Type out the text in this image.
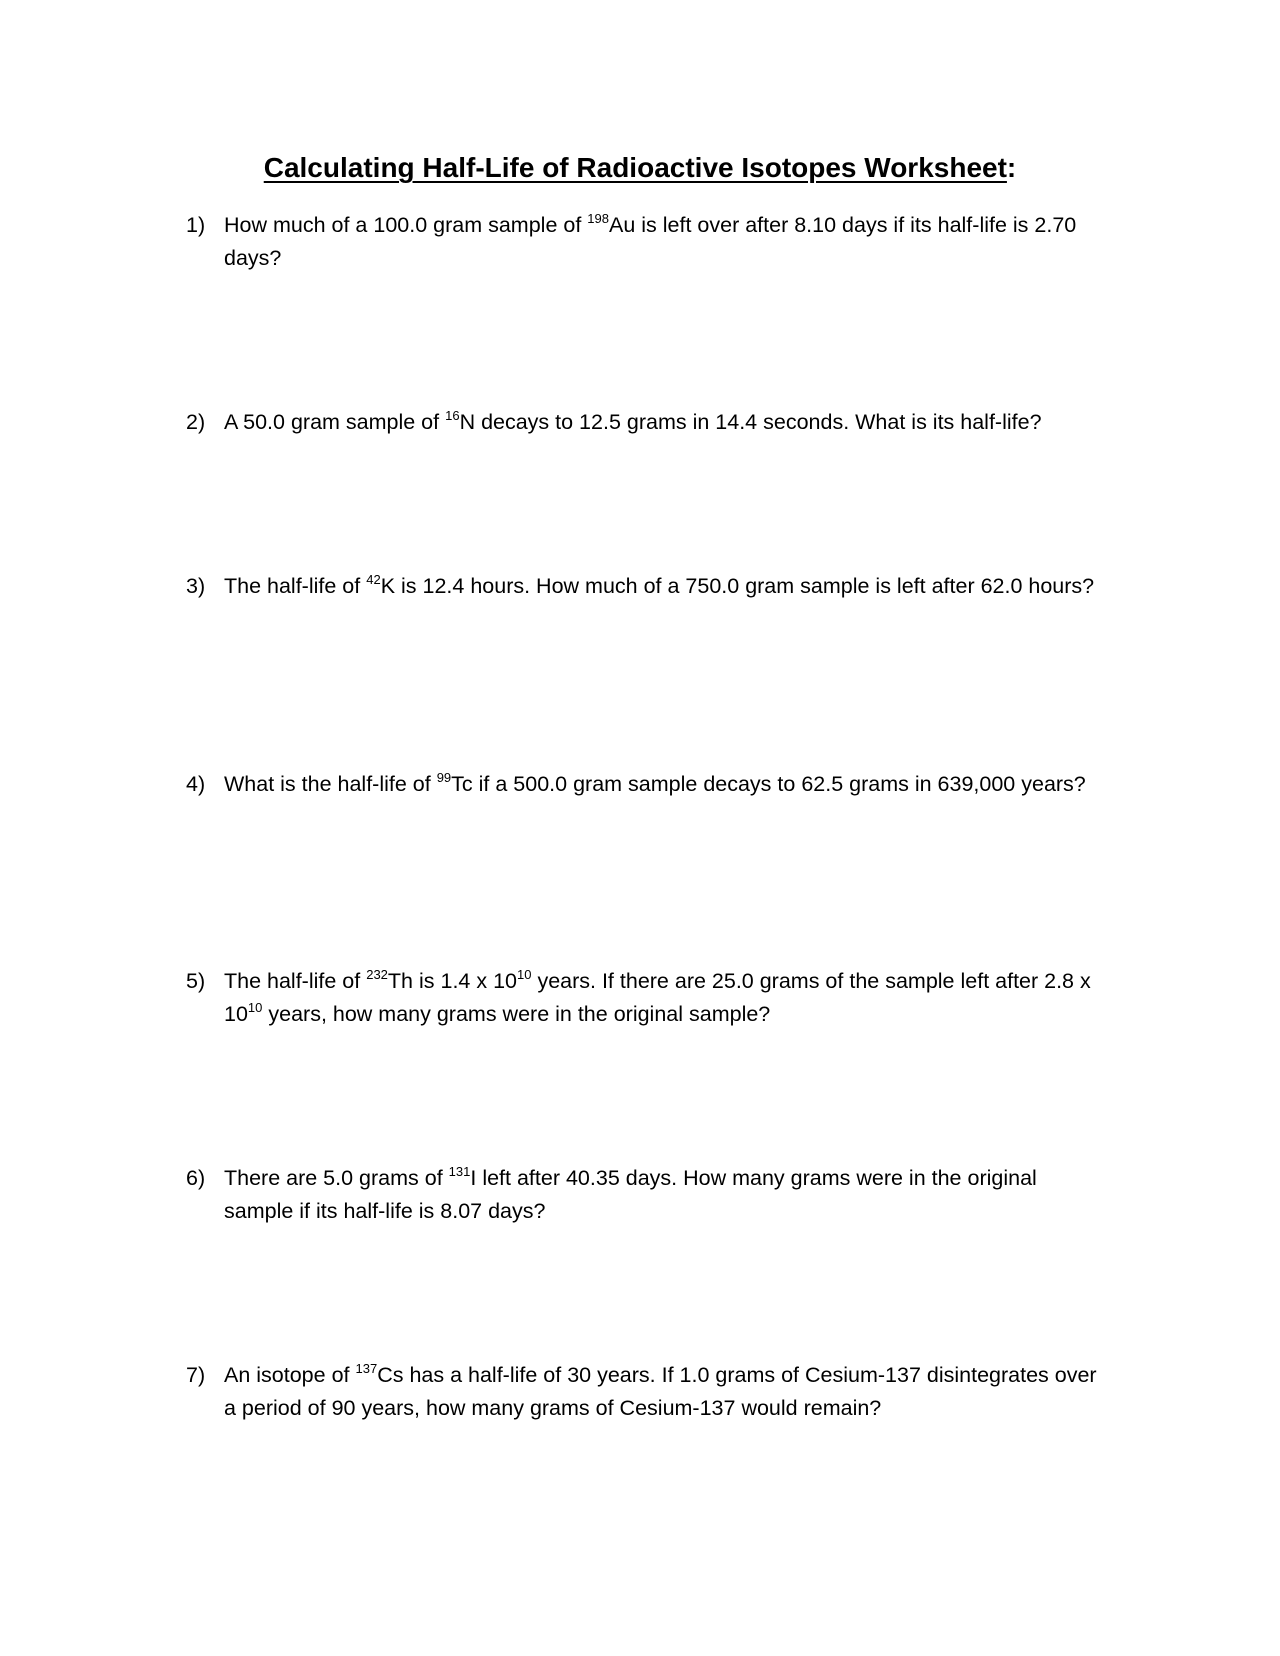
Calculating Half-Life of Radioactive Isotopes Worksheet:
1) How much of a 100.0 gram sample of $^{198}$Au is left over after 8.10 days if its half-life is 2.70 days?
2) A 50.0 gram sample of $^{16}$N decays to 12.5 grams in 14.4 seconds. What is its half-life?
3) The half-life of $^{42}$K is 12.4 hours. How much of a 750.0 gram sample is left after 62.0 hours?
4) What is the half-life of $^{99}$Tc if a 500.0 gram sample decays to 62.5 grams in 639,000 years?
5) The half-life of $^{232}$Th is 1.4 x $10^{10}$ years. If there are 25.0 grams of the sample left after 2.8 x $10^{10}$ years, how many grams were in the original sample?
6) There are 5.0 grams of $^{131}$I left after 40.35 days. How many grams were in the original sample if its half-life is 8.07 days?
7) An isotope of $^{137}$Cs has a half-life of 30 years. If 1.0 grams of Cesium-137 disintegrates over a period of 90 years, how many grams of Cesium-137 would remain?
